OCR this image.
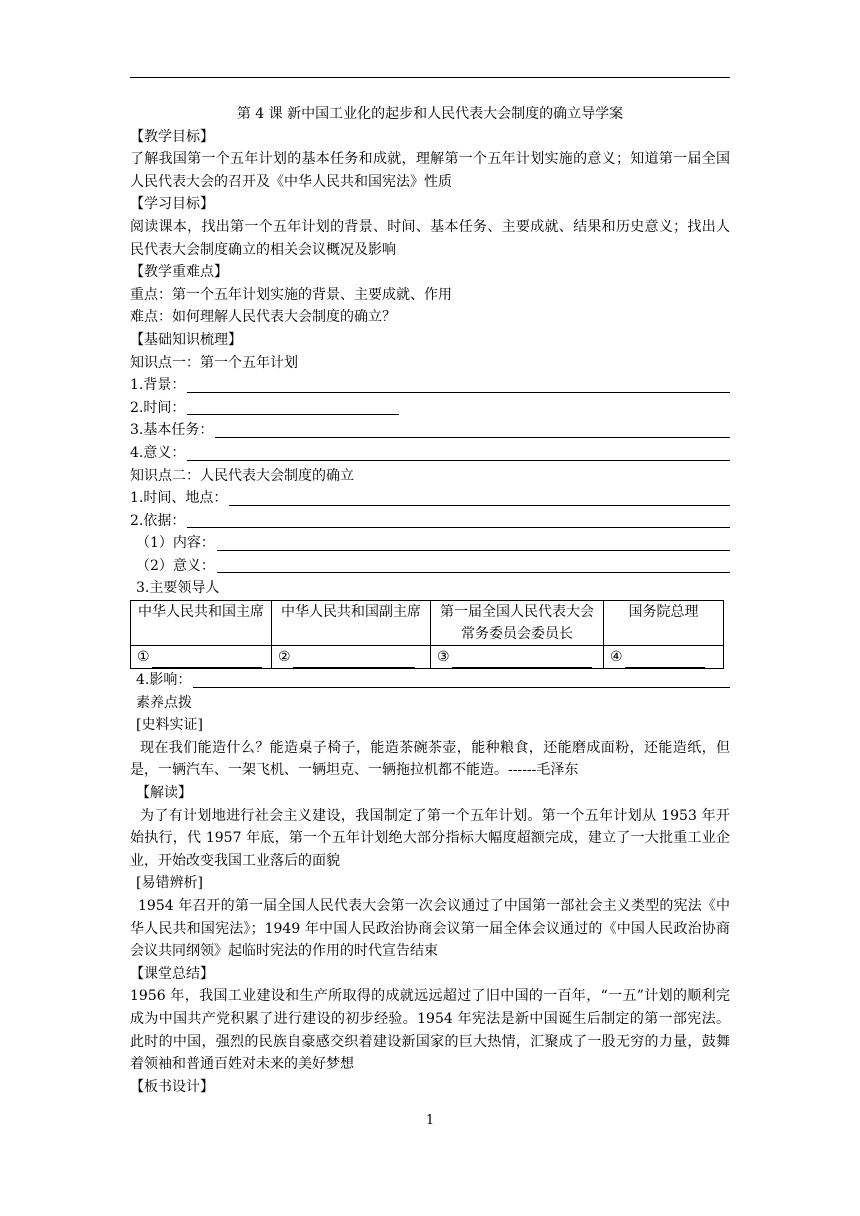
第 4 课 新中国工业化的起步和人民代表大会制度的确立导学案
【教学目标】
了解我国第一个五年计划的基本任务和成就，理解第一个五年计划实施的意义；知道第一届全国人民代表大会的召开及《中华人民共和国宪法》性质
【学习目标】
阅读课本，找出第一个五年计划的背景、时间、基本任务、主要成就、结果和历史意义；找出人民代表大会制度确立的相关会议概况及影响
【教学重难点】
重点：第一个五年计划实施的背景、主要成就、作用
难点：如何理解人民代表大会制度的确立？
【基础知识梳理】
知识点一：第一个五年计划
1.背景：
2.时间：
3.基本任务：
4.意义：
知识点二：人民代表大会制度的确立
1.时间、地点：
2.依据：
（1）内容：
（2）意义：
3.主要领导人
中华人民共和国主席	中华人民共和国副主席	第一届全国人民代表大会常务委员会委员长	国务院总理
①	②	③	④
4.影响：
素养点拨
[史料实证]
现在我们能造什么？能造桌子椅子，能造茶碗茶壶，能种粮食，还能磨成面粉，还能造纸，但是，一辆汽车、一架飞机、一辆坦克、一辆拖拉机都不能造。------毛泽东
【解读】
为了有计划地进行社会主义建设，我国制定了第一个五年计划。第一个五年计划从 1953 年开始执行，代 1957 年底，第一个五年计划绝大部分指标大幅度超额完成，建立了一大批重工业企业，开始改变我国工业落后的面貌
[易错辨析]
1954 年召开的第一届全国人民代表大会第一次会议通过了中国第一部社会主义类型的宪法《中华人民共和国宪法》；1949 年中国人民政治协商会议第一届全体会议通过的《中国人民政治协商会议共同纲领》起临时宪法的作用的时代宣告结束
【课堂总结】
1956 年，我国工业建设和生产所取得的成就远远超过了旧中国的一百年，“一五”计划的顺利完成为中国共产党积累了进行建设的初步经验。1954 年宪法是新中国诞生后制定的第一部宪法。此时的中国，强烈的民族自豪感交织着建设新国家的巨大热情，汇聚成了一股无穷的力量，鼓舞着领袖和普通百姓对未来的美好梦想
【板书设计】
1
